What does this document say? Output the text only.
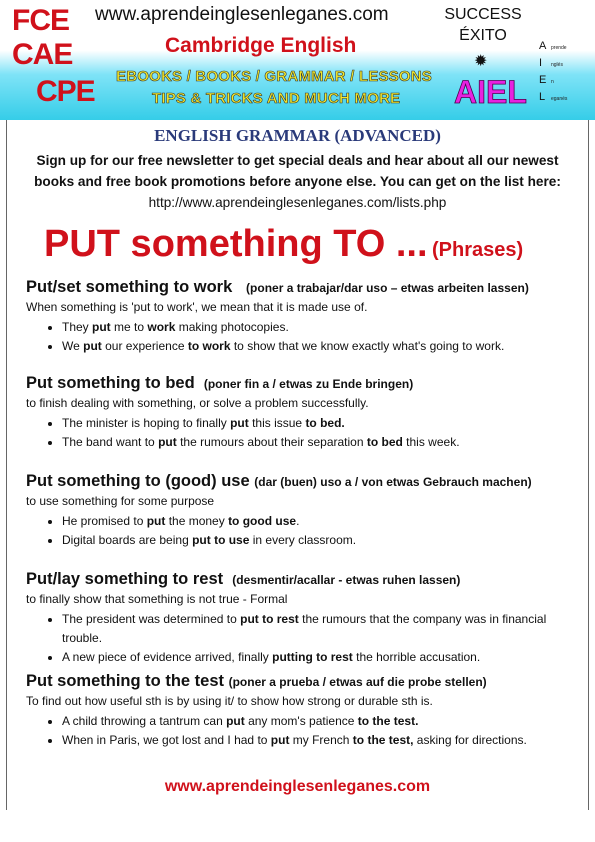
FCE
CAE
CPE
www.aprendeinglesenleganes.com
Cambridge English
EBOOKS / BOOKS / GRAMMAR / LESSONS
TIPS & TRICKS AND MUCH MORE
SUCCESS
ÉXITO
✹
AIEL
A prende
I nglés
E n
L eganés
ENGLISH GRAMMAR (ADVANCED)
Sign up for our free newsletter to get special deals and hear about all our newest books and free book promotions before anyone else. You can get on the list here: http://www.aprendeinglesenleganes.com/lists.php
PUT something TO ... (Phrases)
Put/set something to work (poner a trabajar/dar uso – etwas arbeiten lassen)
When something is 'put to work', we mean that it is made use of.
• They put me to work making photocopies.
• We put our experience to work to show that we know exactly what's going to work.
Put something to bed (poner fin a / etwas zu Ende bringen)
to finish dealing with something, or solve a problem successfully.
• The minister is hoping to finally put this issue to bed.
• The band want to put the rumours about their separation to bed this week.
Put something to (good) use (dar (buen) uso a / von etwas Gebrauch machen)
to use something for some purpose
• He promised to put the money to good use.
• Digital boards are being put to use in every classroom.
Put/lay something to rest (desmentir/acallar - etwas ruhen lassen)
to finally show that something is not true - Formal
• The president was determined to put to rest the rumours that the company was in financial trouble.
• A new piece of evidence arrived, finally putting to rest the horrible accusation.
Put something to the test (poner a prueba / etwas auf die probe stellen)
To find out how useful sth is by using it/ to show how strong or durable sth is.
• A child throwing a tantrum can put any mom's patience to the test.
• When in Paris, we got lost and I had to put my French to the test, asking for directions.
www.aprendeinglesenleganes.com
